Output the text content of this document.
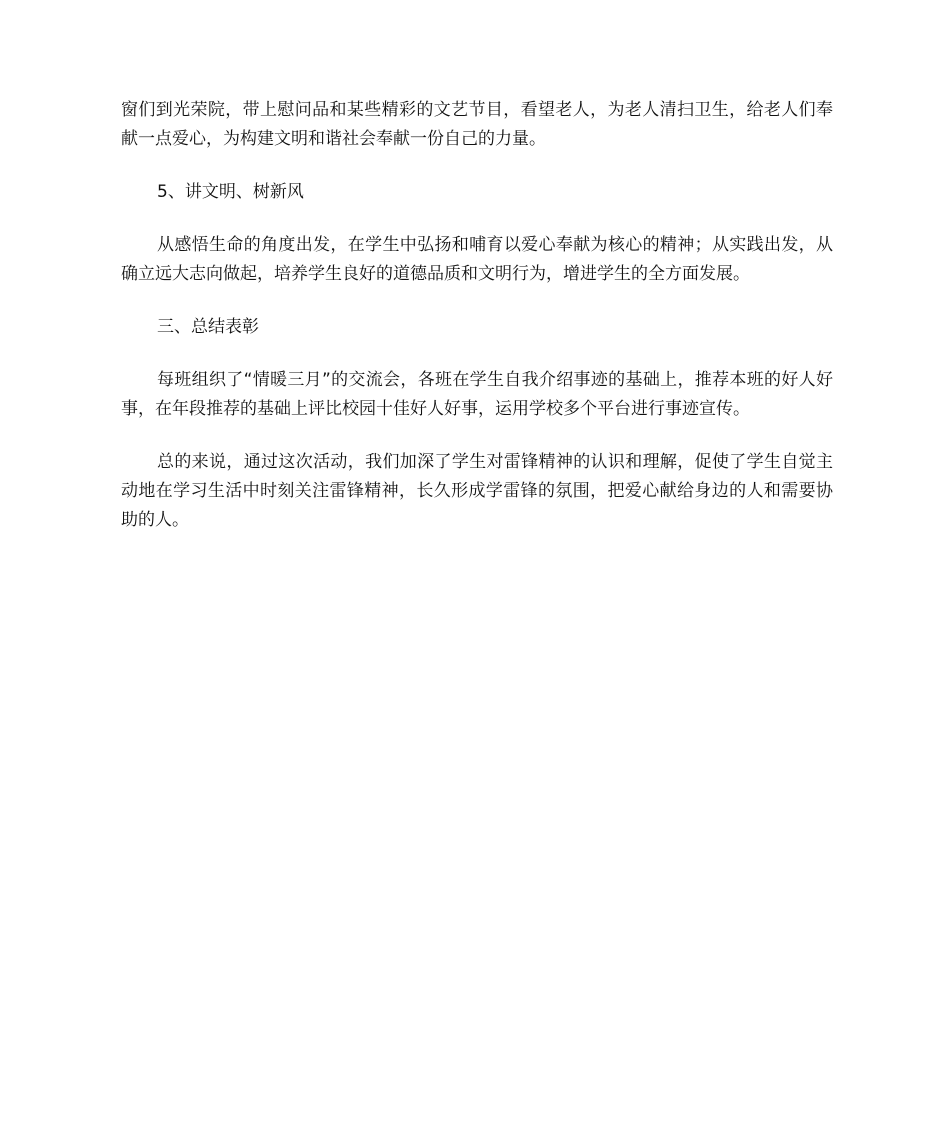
窗们到光荣院，带上慰问品和某些精彩的文艺节目，看望老人，为老人清扫卫生，给老人们奉献一点爱心，为构建文明和谐社会奉献一份自己的力量。

5、讲文明、树新风

从感悟生命的角度出发，在学生中弘扬和哺育以爱心奉献为核心的精神；从实践出发，从确立远大志向做起，培养学生良好的道德品质和文明行为，增进学生的全方面发展。

三、总结表彰

每班组织了“情暖三月”的交流会，各班在学生自我介绍事迹的基础上，推荐本班的好人好事，在年段推荐的基础上评比校园十佳好人好事，运用学校多个平台进行事迹宣传。

总的来说，通过这次活动，我们加深了学生对雷锋精神的认识和理解，促使了学生自觉主动地在学习生活中时刻关注雷锋精神，长久形成学雷锋的氛围，把爱心献给身边的人和需要协助的人。
